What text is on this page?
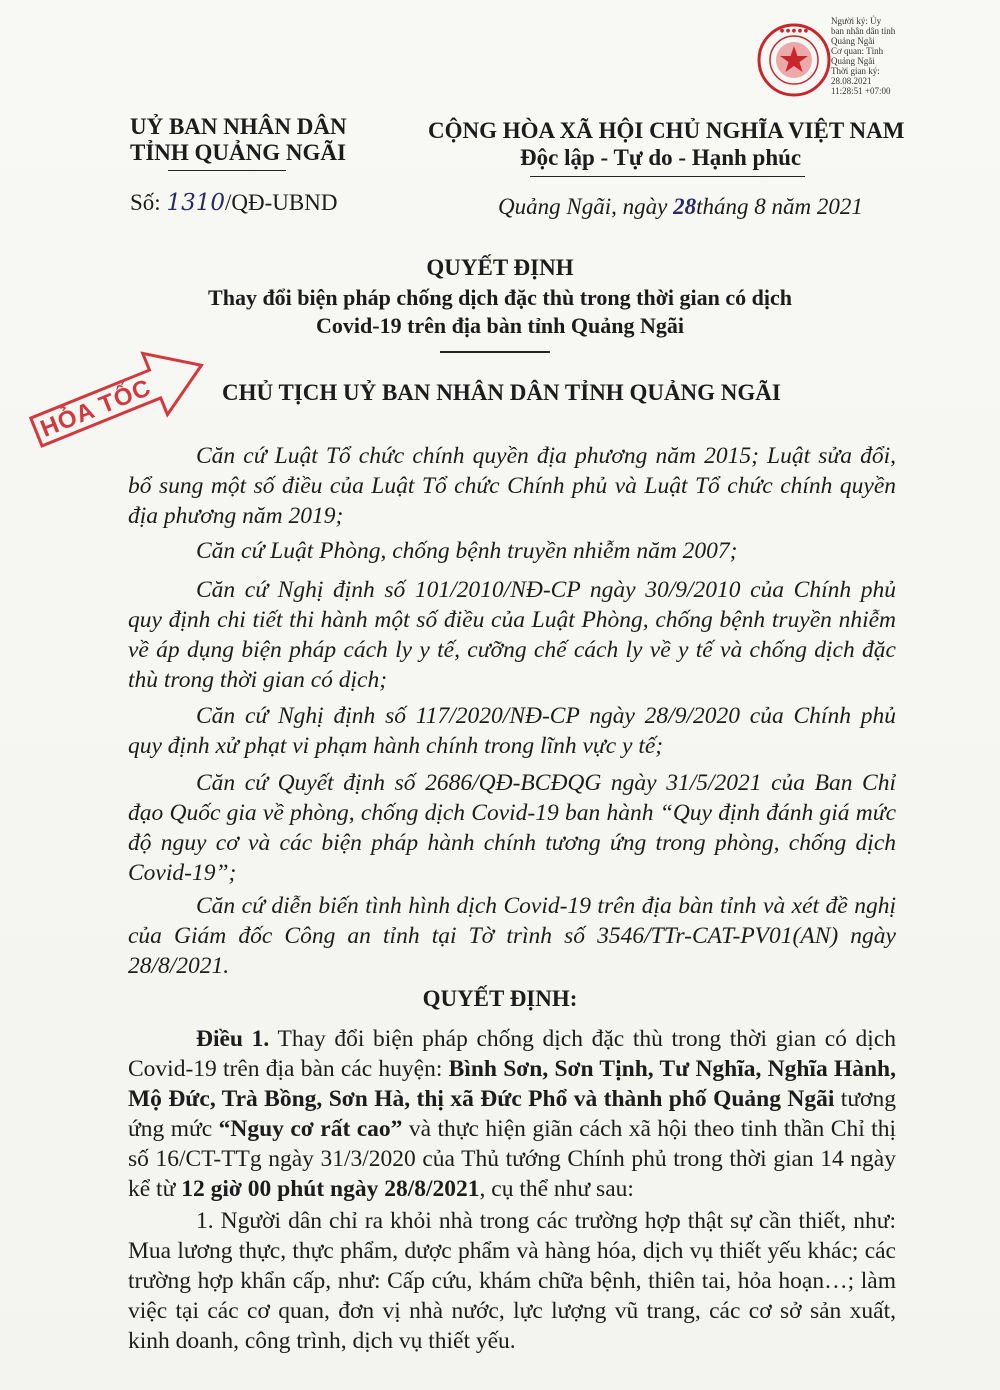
● ● ● ● ●
Người ký: Ủy
ban nhân dân tỉnh
Quảng Ngãi
Cơ quan: Tỉnh
Quảng Ngãi
Thời gian ký:
28.08.2021
11:28:51 +07:00
UỶ BAN NHÂN DÂN
TỈNH QUẢNG NGÃI
CỘNG HÒA XÃ HỘI CHỦ NGHĨA VIỆT NAM
Độc lập - Tự do - Hạnh phúc
Số: 1310/QĐ-UBND	Quảng Ngãi, ngày 28tháng 8 năm 2021
QUYẾT ĐỊNH
Thay đổi biện pháp chống dịch đặc thù trong thời gian có dịch
Covid-19 trên địa bàn tỉnh Quảng Ngãi
HỎA TỐC	CHỦ TỊCH UỶ BAN NHÂN DÂN TỈNH QUẢNG NGÃI
Căn cứ Luật Tổ chức chính quyền địa phương năm 2015; Luật sửa đổi, bổ sung một số điều của Luật Tổ chức Chính phủ và Luật Tổ chức chính quyền địa phương năm 2019;
Căn cứ Luật Phòng, chống bệnh truyền nhiễm năm 2007;
Căn cứ Nghị định số 101/2010/NĐ-CP ngày 30/9/2010 của Chính phủ quy định chi tiết thi hành một số điều của Luật Phòng, chống bệnh truyền nhiễm về áp dụng biện pháp cách ly y tế, cưỡng chế cách ly về y tế và chống dịch đặc thù trong thời gian có dịch;
Căn cứ Nghị định số 117/2020/NĐ-CP ngày 28/9/2020 của Chính phủ quy định xử phạt vi phạm hành chính trong lĩnh vực y tế;
Căn cứ Quyết định số 2686/QĐ-BCĐQG ngày 31/5/2021 của Ban Chỉ đạo Quốc gia về phòng, chống dịch Covid-19 ban hành “Quy định đánh giá mức độ nguy cơ và các biện pháp hành chính tương ứng trong phòng, chống dịch Covid-19”;
Căn cứ diễn biến tình hình dịch Covid-19 trên địa bàn tỉnh và xét đề nghị của Giám đốc Công an tỉnh tại Tờ trình số 3546/TTr-CAT-PV01(AN) ngày 28/8/2021.
QUYẾT ĐỊNH:
Điều 1. Thay đổi biện pháp chống dịch đặc thù trong thời gian có dịch Covid-19 trên địa bàn các huyện: Bình Sơn, Sơn Tịnh, Tư Nghĩa, Nghĩa Hành, Mộ Đức, Trà Bồng, Sơn Hà, thị xã Đức Phổ và thành phố Quảng Ngãi tương ứng mức “Nguy cơ rất cao” và thực hiện giãn cách xã hội theo tinh thần Chỉ thị số 16/CT-TTg ngày 31/3/2020 của Thủ tướng Chính phủ trong thời gian 14 ngày kể từ 12 giờ 00 phút ngày 28/8/2021, cụ thể như sau:
1. Người dân chỉ ra khỏi nhà trong các trường hợp thật sự cần thiết, như: Mua lương thực, thực phẩm, dược phẩm và hàng hóa, dịch vụ thiết yếu khác; các trường hợp khẩn cấp, như: Cấp cứu, khám chữa bệnh, thiên tai, hỏa hoạn…; làm việc tại các cơ quan, đơn vị nhà nước, lực lượng vũ trang, các cơ sở sản xuất, kinh doanh, công trình, dịch vụ thiết yếu.
